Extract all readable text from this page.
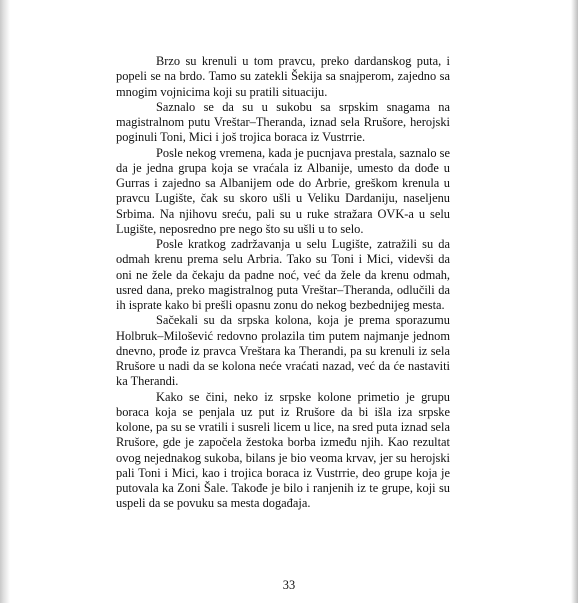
Brzo su krenuli u tom pravcu, preko dardanskog puta, i popeli se na brdo. Tamo su zatekli Šekija sa snajperom, zajedno sa mnogim vojnicima koji su pratili situaciju.

Saznalo se da su u sukobu sa srpskim snagama na magistralnom putu Vreštar–Theranda, iznad sela Rrušore, herojski poginuli Toni, Mici i još trojica boraca iz Vustrrie.

Posle nekog vremena, kada je pucnjava prestala, saznalo se da je jedna grupa koja se vraćala iz Albanije, umesto da dođe u Gurras i zajedno sa Albanijem ode do Arbrie, greškom krenula u pravcu Lugište, čak su skoro ušli u Veliku Dardaniju, naseljenu Srbima. Na njihovu sreću, pali su u ruke stražara OVK-a u selu Lugište, neposredno pre nego što su ušli u to selo.

Posle kratkog zadržavanja u selu Lugište, zatražili su da odmah krenu prema selu Arbria. Tako su Toni i Mici, videvši da oni ne žele da čekaju da padne noć, već da žele da krenu odmah, usred dana, preko magistralnog puta Vreštar–Theranda, odlučili da ih isprate kako bi prešli opasnu zonu do nekog bezbednijeg mesta.

Sačekali su da srpska kolona, koja je prema sporazumu Holbruk–Milošević redovno prolazila tim putem najmanje jednom dnevno, prođe iz pravca Vreštara ka Therandi, pa su krenuli iz sela Rrušore u nadi da se kolona neće vraćati nazad, već da će nastaviti ka Therandi.

Kako se čini, neko iz srpske kolone primetio je grupu boraca koja se penjala uz put iz Rrušore da bi išla iza srpske kolone, pa su se vratili i susreli licem u lice, na sred puta iznad sela Rrušore, gde je započela žestoka borba između njih. Kao rezultat ovog nejednakog sukoba, bilans je bio veoma krvav, jer su herojski pali Toni i Mici, kao i trojica boraca iz Vustrrie, deo grupe koja je putovala ka Zoni Šale. Takođe je bilo i ranjenih iz te grupe, koji su uspeli da se povuku sa mesta događaja.

33
